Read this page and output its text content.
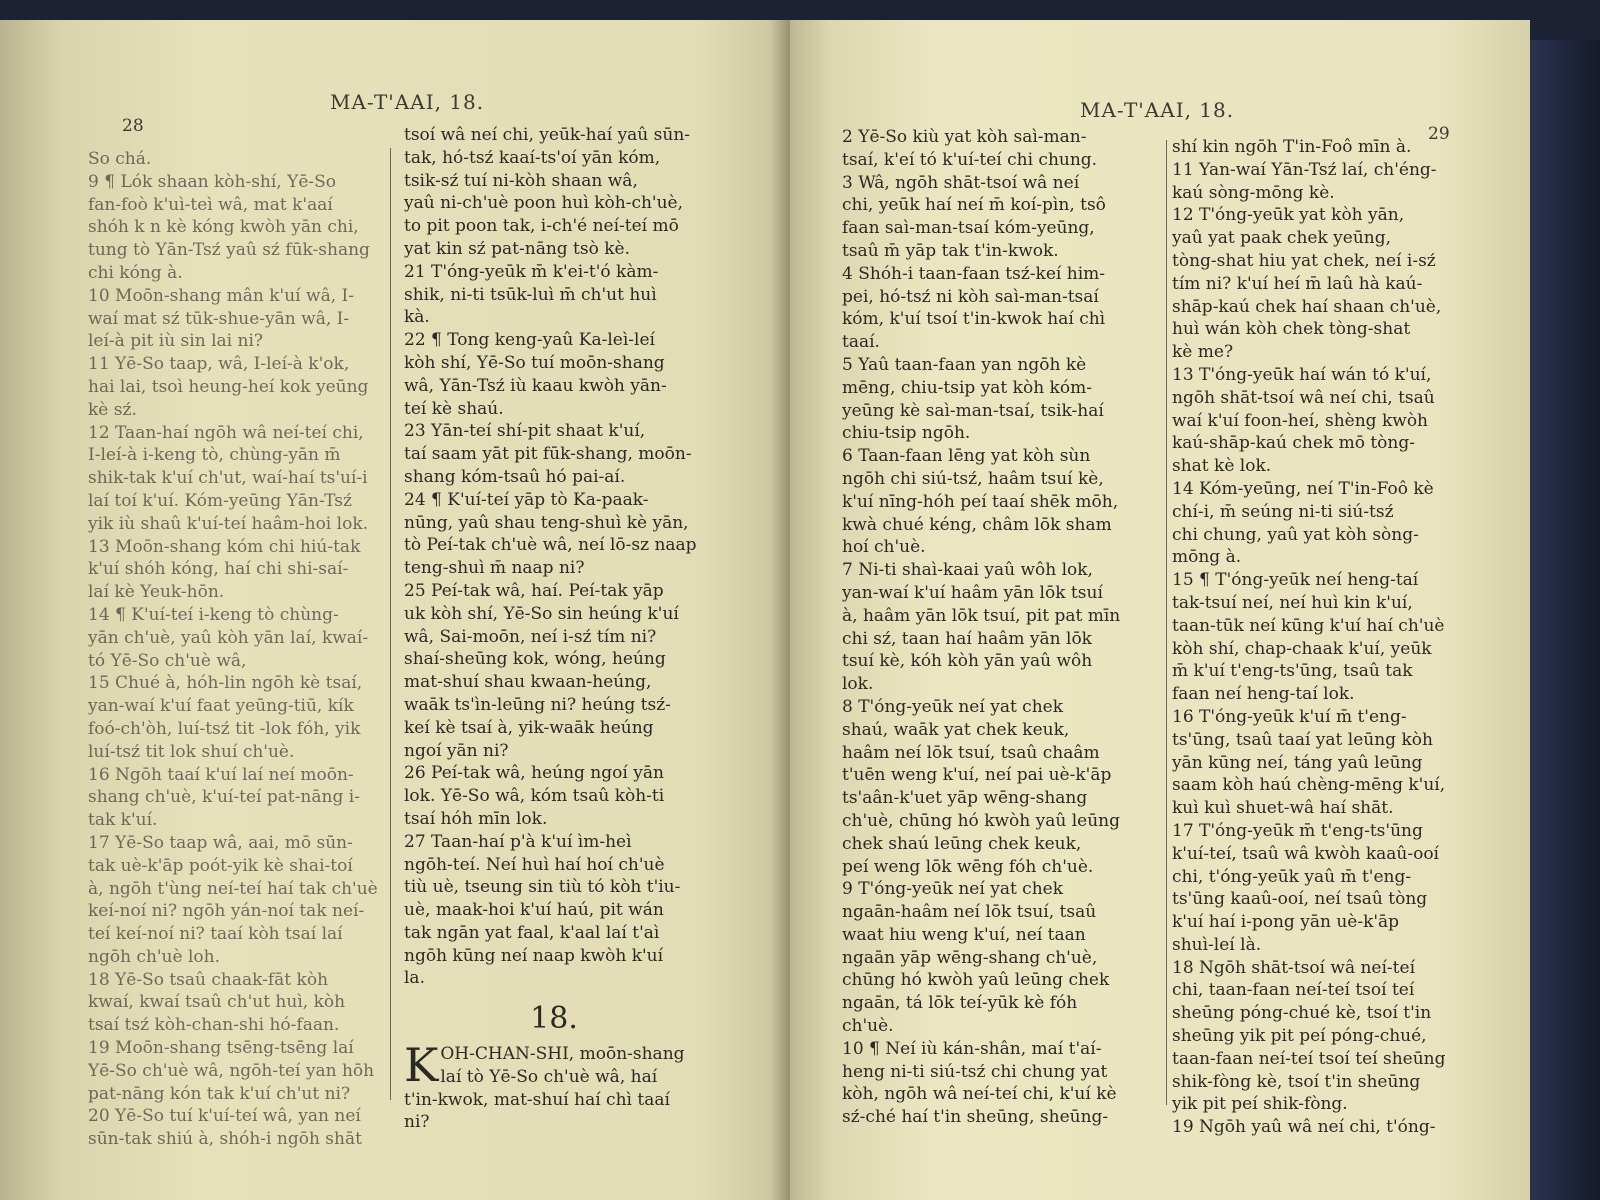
MA-T'AAI, 18.
28
So chá.
9 ¶ Lók shaan kòh-shí, Yē-So
fan-foò k'uì-teì wâ, mat k'aaí
shóh k n kè kóng kwòh yān chi,
tung tò Yān-Tsź yaû sź fūk-shang
chi kóng à.
10 Moōn-shang mân k'uí wâ, I-
waí mat sź tūk-shue-yān wâ, I-
leí-à pit iù sin lai ni?
11 Yē-So taap, wâ, I-leí-à k'ok,
hai lai, tsoì heung-heí kok yeūng
kè sź.
12 Taan-haí ngōh wâ neí-teí chi,
I-leí-à i-keng tò, chùng-yān m̄
shik-tak k'uí ch'ut, waí-haí ts'uí-i
laí toí k'uí. Kóm-yeūng Yān-Tsź
yik iù shaû k'uí-teí haâm-hoi lok.
13 Moōn-shang kóm chi hiú-tak
k'uí shóh kóng, haí chi shi-saí-
laí kè Yeuk-hōn.
14 ¶ K'uí-teí i-keng tò chùng-
yān ch'uè, yaû kòh yān laí, kwaí-
tó Yē-So ch'uè wâ,
15 Chué à, hóh-lin ngōh kè tsaí,
yan-waí k'uí faat yeūng-tiū, kík
foó-ch'òh, luí-tsź tit -lok fóh, yik
luí-tsź tit lok shuí ch'uè.
16 Ngōh taaí k'uí laí neí moōn-
shang ch'uè, k'uí-teí pat-nāng i-
tak k'uí.
17 Yē-So taap wâ, aai, mō sūn-
tak uè-k'āp poót-yik kè shai-toí
à, ngōh t'ùng neí-teí haí tak ch'uè
keí-noí ni? ngōh yán-noí tak neí-
teí keí-noí ni? taaí kòh tsaí laí
ngōh ch'uè loh.
18 Yē-So tsaû chaak-fāt kòh
kwaí, kwaí tsaû ch'ut huì, kòh
tsaí tsź kòh-chan-shi hó-faan.
19 Moōn-shang tsēng-tsēng laí
Yē-So ch'uè wâ, ngōh-teí yan hōh
pat-nāng kón tak k'uí ch'ut ni?
20 Yē-So tuí k'uí-teí wâ, yan neí
sūn-tak shiú à, shóh-i ngōh shāt
tsoí wâ neí chi, yeūk-haí yaû sūn-
tak, hó-tsź kaaí-ts'oí yān kóm,
tsik-sź tuí ni-kòh shaan wâ,
yaû ni-ch'uè poon huì kòh-ch'uè,
to pit poon tak, i-ch'é neí-teí mō
yat kin sź pat-nāng tsò kè.
21 T'óng-yeūk m̄ k'ei-t'ó kàm-
shik, ni-ti tsūk-luì m̄ ch'ut huì
kà.
22 ¶ Tong keng-yaû Ka-leì-leí
kòh shí, Yē-So tuí moōn-shang
wâ, Yān-Tsź iù kaau kwòh yān-
teí kè shaú.
23 Yān-teí shí-pit shaat k'uí,
taí saam yāt pit fūk-shang, moōn-
shang kóm-tsaû hó pai-aí.
24 ¶ K'uí-teí yāp tò Ka-paak-
nūng, yaû shau teng-shuì kè yān,
tò Peí-tak ch'uè wâ, neí lō-sz naap
teng-shuì m̄ naap ni?
25 Peí-tak wâ, haí. Peí-tak yāp
uk kòh shí, Yē-So sin heúng k'uí
wâ, Sai-moōn, neí i-sź tím ni?
shaí-sheūng kok, wóng, heúng
mat-shuí shau kwaan-heúng,
waāk ts'ìn-leūng ni? heúng tsź-
keí kè tsaí à, yik-waāk heúng
ngoí yān ni?
26 Peí-tak wâ, heúng ngoí yān
lok. Yē-So wâ, kóm tsaû kòh-ti
tsaí hóh mīn lok.
27 Taan-haí p'à k'uí ìm-heì
ngōh-teí. Neí huì haí hoí ch'uè
tiù uè, tseung sin tiù tó kòh t'iu-
uè, maak-hoi k'uí haú, pit wán
tak ngān yat faal, k'aal laí t'aì
ngōh kūng neí naap kwòh k'uí
la.
18.
K OH-CHAN-SHI, moōn-shang
laí tò Yē-So ch'uè wâ, haí
t'in-kwok, mat-shuí haí chì taaí
ni?
MA-T'AAI, 18.
29
2 Yē-So kiù yat kòh saì-man-
tsaí, k'eí tó k'uí-teí chi chung.
3 Wâ, ngōh shāt-tsoí wâ neí
chi, yeūk haí neí m̄ koí-pìn, tsô
faan saì-man-tsaí kóm-yeūng,
tsaû m̄ yāp tak t'in-kwok.
4 Shóh-i taan-faan tsź-keí him-
pei, hó-tsź ni kòh saì-man-tsaí
kóm, k'uí tsoí t'in-kwok haí chì
taaí.
5 Yaû taan-faan yan ngōh kè
mēng, chiu-tsip yat kòh kóm-
yeūng kè saì-man-tsaí, tsik-haí
chiu-tsip ngōh.
6 Taan-faan lēng yat kòh sùn
ngōh chi siú-tsź, haâm tsuí kè,
k'uí nīng-hóh peí taaí shēk mōh,
kwà chué kéng, châm lōk sham
hoí ch'uè.
7 Ni-ti shaì-kaai yaû wôh lok,
yan-waí k'uí haâm yān lōk tsuí
à, haâm yān lōk tsuí, pit pat mīn
chi sź, taan haí haâm yān lōk
tsuí kè, kóh kòh yān yaû wôh
lok.
8 T'óng-yeūk neí yat chek
shaú, waāk yat chek keuk,
haâm neí lōk tsuí, tsaû chaâm
t'uēn weng k'uí, neí pai uè-k'āp
ts'aân-k'uet yāp wēng-shang
ch'uè, chūng hó kwòh yaû leūng
chek shaú leūng chek keuk,
peí weng lōk wēng fóh ch'uè.
9 T'óng-yeūk neí yat chek
ngaān-haâm neí lōk tsuí, tsaû
waat hiu weng k'uí, neí taan
ngaān yāp wēng-shang ch'uè,
chūng hó kwòh yaû leūng chek
ngaān, tá lōk teí-yūk kè fóh
ch'uè.
10 ¶ Neí iù kán-shân, maí t'aí-
heng ni-ti siú-tsź chi chung yat
kòh, ngōh wâ neí-teí chi, k'uí kè
sź-ché haí t'in sheūng, sheūng-
shí kin ngōh T'in-Foô mīn à.
11 Yan-waí Yān-Tsź laí, ch'éng-
kaú sòng-mōng kè.
12 T'óng-yeūk yat kòh yān,
yaû yat paak chek yeūng,
tòng-shat hiu yat chek, neí i-sź
tím ni? k'uí heí m̄ laû hà kaú-
shāp-kaú chek haí shaan ch'uè,
huì wán kòh chek tòng-shat
kè me?
13 T'óng-yeūk haí wán tó k'uí,
ngōh shāt-tsoí wâ neí chi, tsaû
waí k'uí foon-heí, shèng kwòh
kaú-shāp-kaú chek mō tòng-
shat kè lok.
14 Kóm-yeūng, neí T'in-Foô kè
chí-i, m̄ seúng ni-ti siú-tsź
chi chung, yaû yat kòh sòng-
mōng à.
15 ¶ T'óng-yeūk neí heng-taí
tak-tsuí neí, neí huì kin k'uí,
taan-tūk neí kūng k'uí haí ch'uè
kòh shí, chap-chaak k'uí, yeūk
m̄ k'uí t'eng-ts'ūng, tsaû tak
faan neí heng-taí lok.
16 T'óng-yeūk k'uí m̄ t'eng-
ts'ūng, tsaû taaí yat leūng kòh
yān kūng neí, táng yaû leūng
saam kòh haú chèng-mēng k'uí,
kuì kuì shuet-wâ haí shāt.
17 T'óng-yeūk m̄ t'eng-ts'ūng
k'uí-teí, tsaû wâ kwòh kaaû-ooí
chi, t'óng-yeūk yaû m̄ t'eng-
ts'ūng kaaû-ooí, neí tsaû tòng
k'uí haí i-pong yān uè-k'āp
shuì-leí là.
18 Ngōh shāt-tsoí wâ neí-teí
chi, taan-faan neí-teí tsoí teí
sheūng póng-chué kè, tsoí t'in
sheūng yik pit peí póng-chué,
taan-faan neí-teí tsoí teí sheūng
shik-fòng kè, tsoí t'in sheūng
yik pit peí shik-fòng.
19 Ngōh yaû wâ neí chi, t'óng-
